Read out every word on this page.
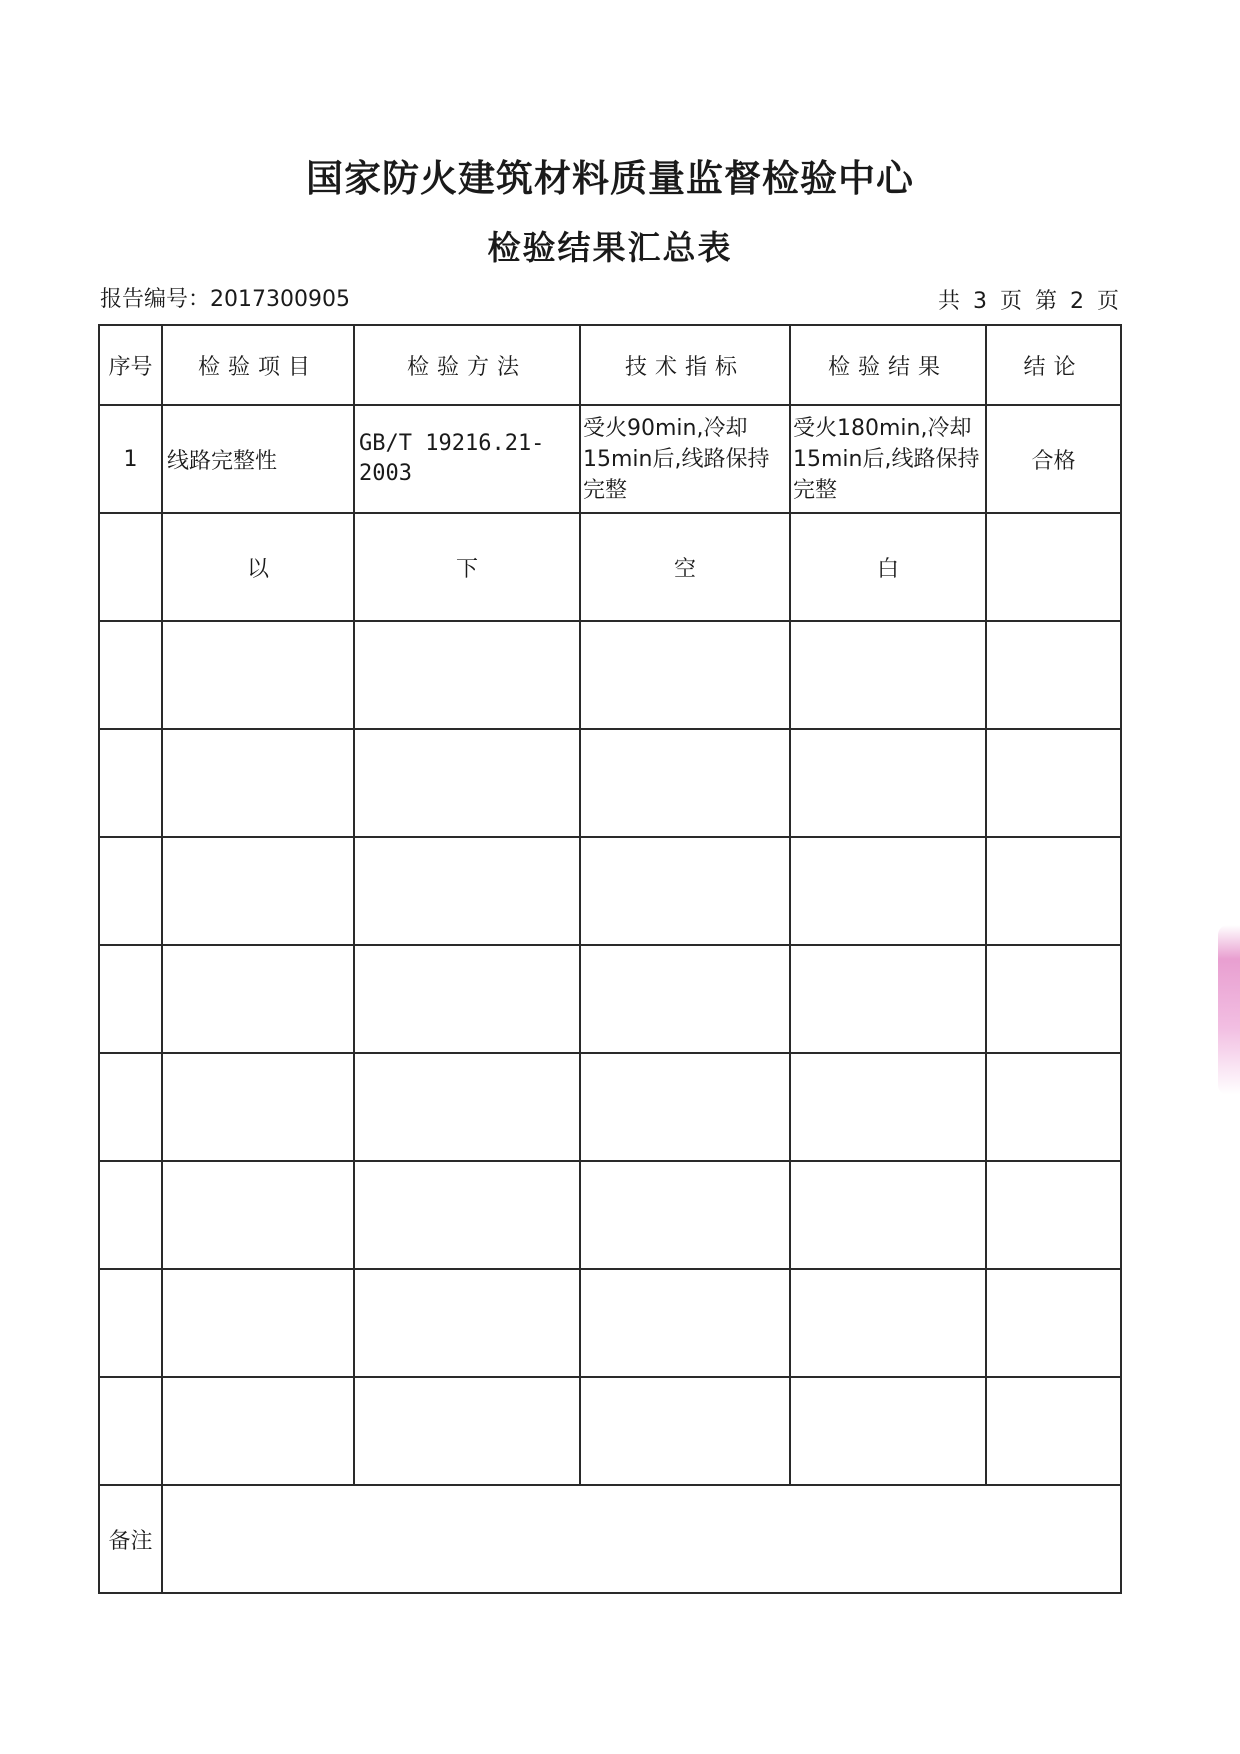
国家防火建筑材料质量监督检验中心
检验结果汇总表
报告编号：2017300905	共 3 页 第 2 页
序号	检验项目	检验方法	技术指标	检验结果	结论
1	线路完整性	GB/T 19216.21-2003	受火90min,冷却15min后,线路保持完整	受火180min,冷却15min后,线路保持完整	合格
	以	下	空	白	

备注					
